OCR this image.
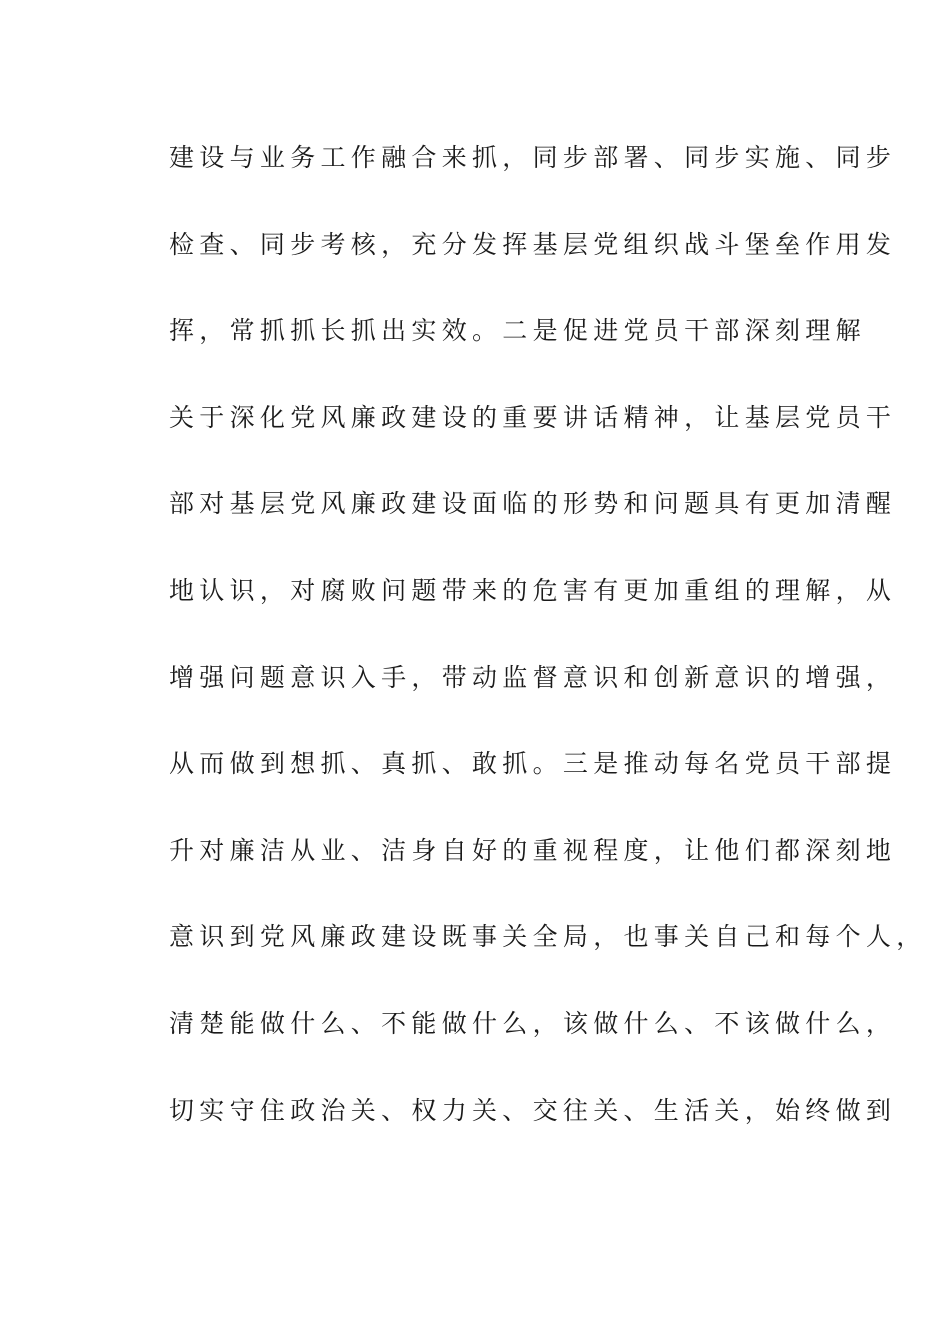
建设与业务工作融合来抓，同步部署、同步实施、同步
检查、同步考核，充分发挥基层党组织战斗堡垒作用发
挥，常抓抓长抓出实效。二是促进党员干部深刻理解
关于深化党风廉政建设的重要讲话精神，让基层党员干
部对基层党风廉政建设面临的形势和问题具有更加清醒
地认识，对腐败问题带来的危害有更加重组的理解，从
增强问题意识入手，带动监督意识和创新意识的增强，
从而做到想抓、真抓、敢抓。三是推动每名党员干部提
升对廉洁从业、洁身自好的重视程度，让他们都深刻地
意识到党风廉政建设既事关全局，也事关自己和每个人，
清楚能做什么、不能做什么，该做什么、不该做什么，
切实守住政治关、权力关、交往关、生活关，始终做到
